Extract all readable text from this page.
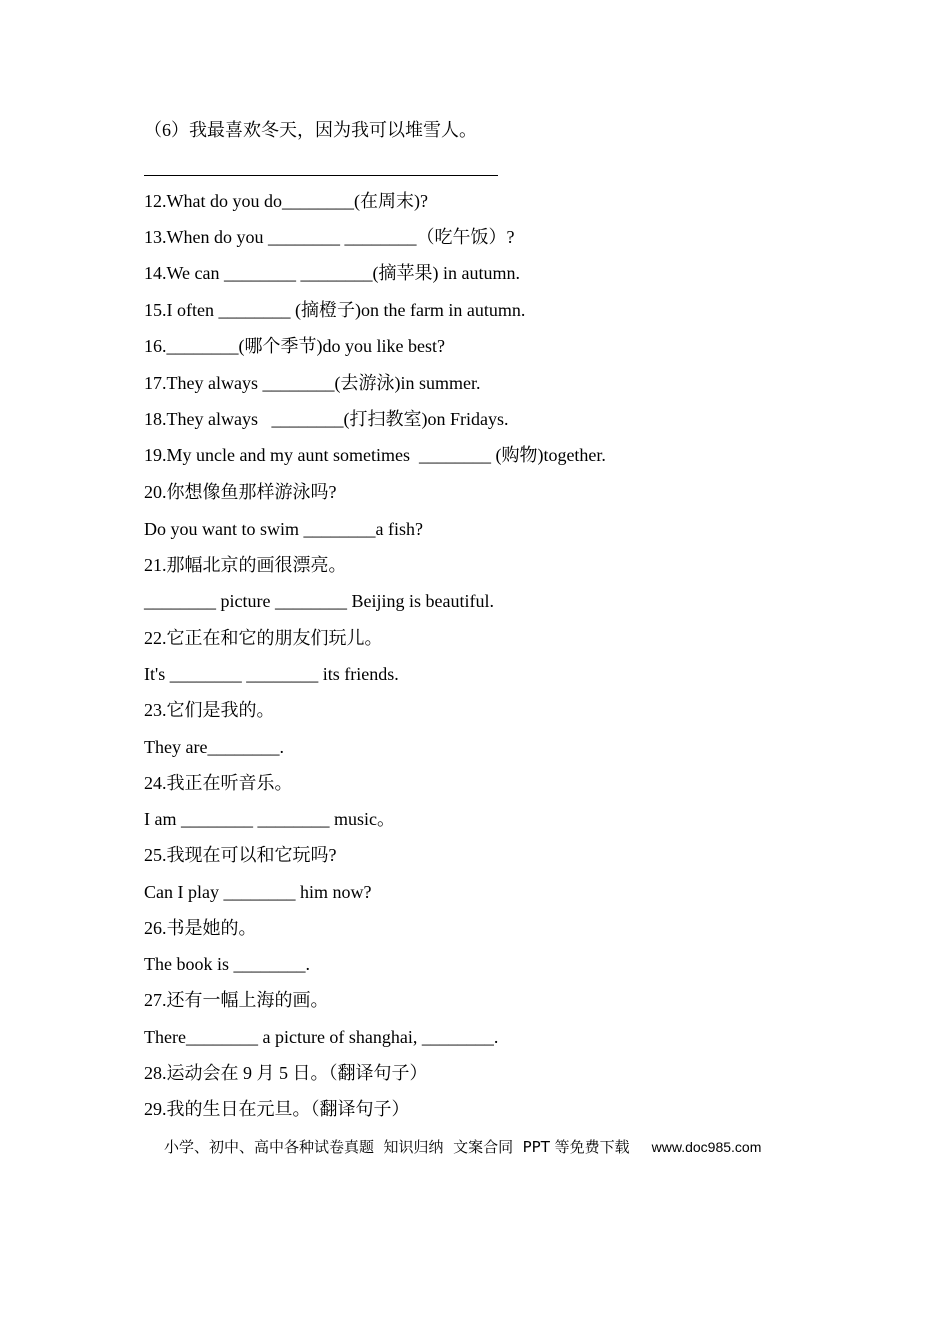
（6）我最喜欢冬天，因为我可以堆雪人。
12.What do you do________(在周末)?
13.When do you ________ ________（吃午饭）?
14.We can ________ ________(摘苹果) in autumn.
15.I often ________ (摘橙子)on the farm in autumn.
16.________(哪个季节)do you like best?
17.They always ________(去游泳)in summer.
18.They always   ________(打扫教室)on Fridays.
19.My uncle and my aunt sometimes  ________ (购物)together.
20.你想像鱼那样游泳吗?
Do you want to swim ________a fish?
21.那幅北京的画很漂亮。
________ picture ________ Beijing is beautiful.
22.它正在和它的朋友们玩儿。
It's ________ ________ its friends.
23.它们是我的。
They are________.
24.我正在听音乐。
I am ________ ________ music。
25.我现在可以和它玩吗?
Can I play ________ him now?
26.书是她的。
The book is ________.
27.还有一幅上海的画。
There________ a picture of shanghai, ________.
28.运动会在 9 月 5 日。（翻译句子）
29.我的生日在元旦。（翻译句子）
小学、初中、高中各种试卷真题  知识归纳  文案合同  PPT 等免费下载 www.doc985.com
